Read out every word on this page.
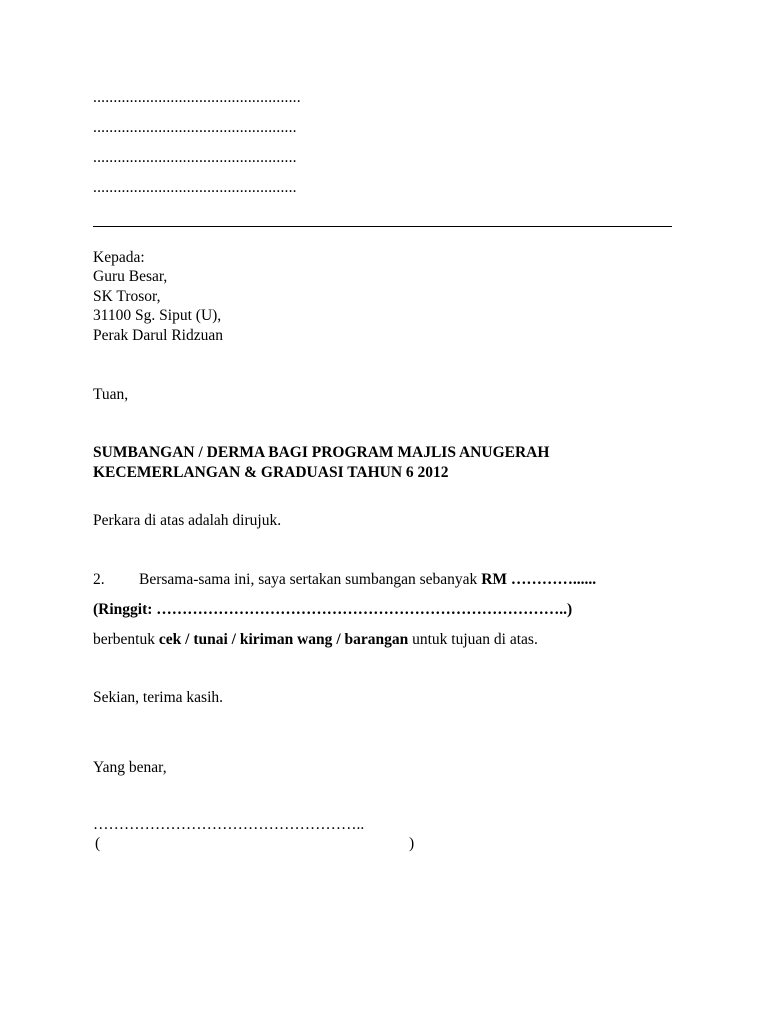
...................................................
..................................................
..................................................
..................................................
Kepada:
Guru Besar,
SK Trosor,
31100 Sg. Siput (U),
Perak Darul Ridzuan
Tuan,
SUMBANGAN / DERMA BAGI PROGRAM MAJLIS ANUGERAH
KECEMERLANGAN & GRADUASI TAHUN 6 2012
Perkara di atas adalah dirujuk.
2. Bersama-sama ini, saya sertakan sumbangan sebanyak RM …………......
(Ringgit: ……………………………………………………………………..)
berbentuk cek / tunai / kiriman wang / barangan untuk tujuan di atas.
Sekian, terima kasih.
Yang benar,
……………………………………………..
(	)
